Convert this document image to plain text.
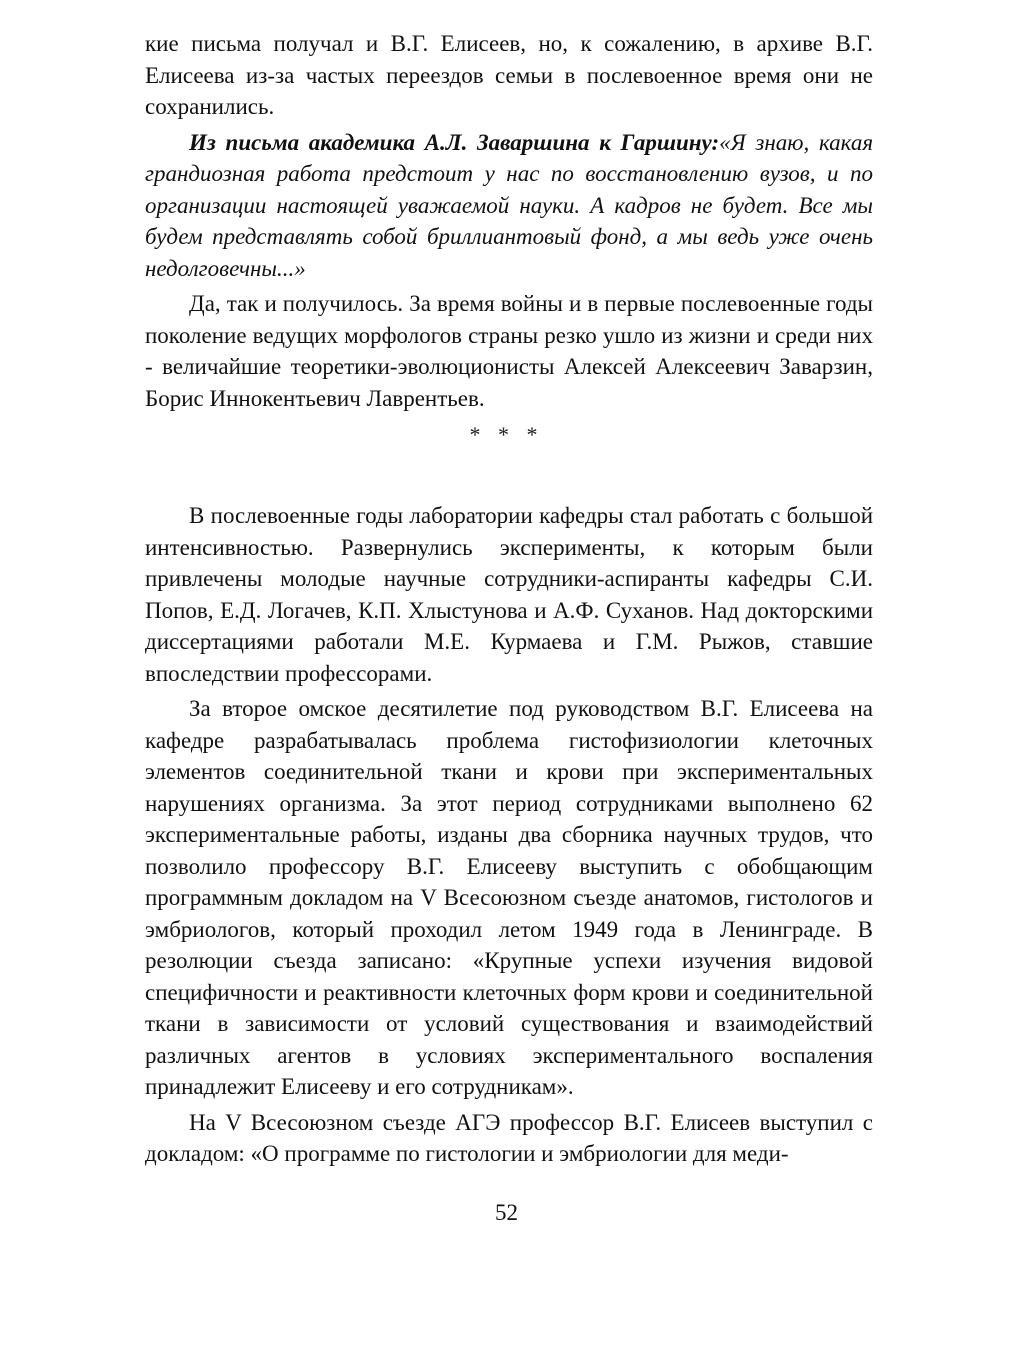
кие письма получал и В.Г. Елисеев, но, к сожалению, в архиве В.Г. Елисеева из-за частых переездов семьи в послевоенное время они не сохранились.

Из письма академика А.Л. Заваршина к Гаршину:«Я знаю, какая грандиозная работа предстоит у нас по восстановлению вузов, и по организации настоящей уважаемой науки. А кадров не будет. Все мы будем представлять собой бриллиантовый фонд, а мы ведь уже очень недолговечны...»

Да, так и получилось. За время войны и в первые послевоенные годы поколение ведущих морфологов страны резко ушло из жизни и среди них - величайшие теоретики-эволюционисты Алексей Алексеевич Заварзин, Борис Иннокентьевич Лаврентьев.

* * *

В послевоенные годы лаборатории кафедры стал работать с большой интенсивностью. Развернулись эксперименты, к которым были привлечены молодые научные сотрудники-аспиранты кафедры С.И. Попов, Е.Д. Логачев, К.П. Хлыстунова и А.Ф. Суханов. Над докторскими диссертациями работали М.Е. Курмаева и Г.М. Рыжов, ставшие впоследствии профессорами.

За второе омское десятилетие под руководством В.Г. Елисеева на кафедре разрабатывалась проблема гистофизиологии клеточных элементов соединительной ткани и крови при экспериментальных нарушениях организма. За этот период сотрудниками выполнено 62 экспериментальные работы, изданы два сборника научных трудов, что позволило профессору В.Г. Елисееву выступить с обобщающим программным докладом на V Всесоюзном съезде анатомов, гистологов и эмбриологов, который проходил летом 1949 года в Ленинграде. В резолюции съезда записано: «Крупные успехи изучения видовой специфичности и реактивности клеточных форм крови и соединительной ткани в зависимости от условий существования и взаимодействий различных агентов в условиях экспериментального воспаления принадлежит Елисееву и его сотрудникам».

На V Всесоюзном съезде АГЭ профессор В.Г. Елисеев выступил с докладом: «О программе по гистологии и эмбриологии для меди-

52
